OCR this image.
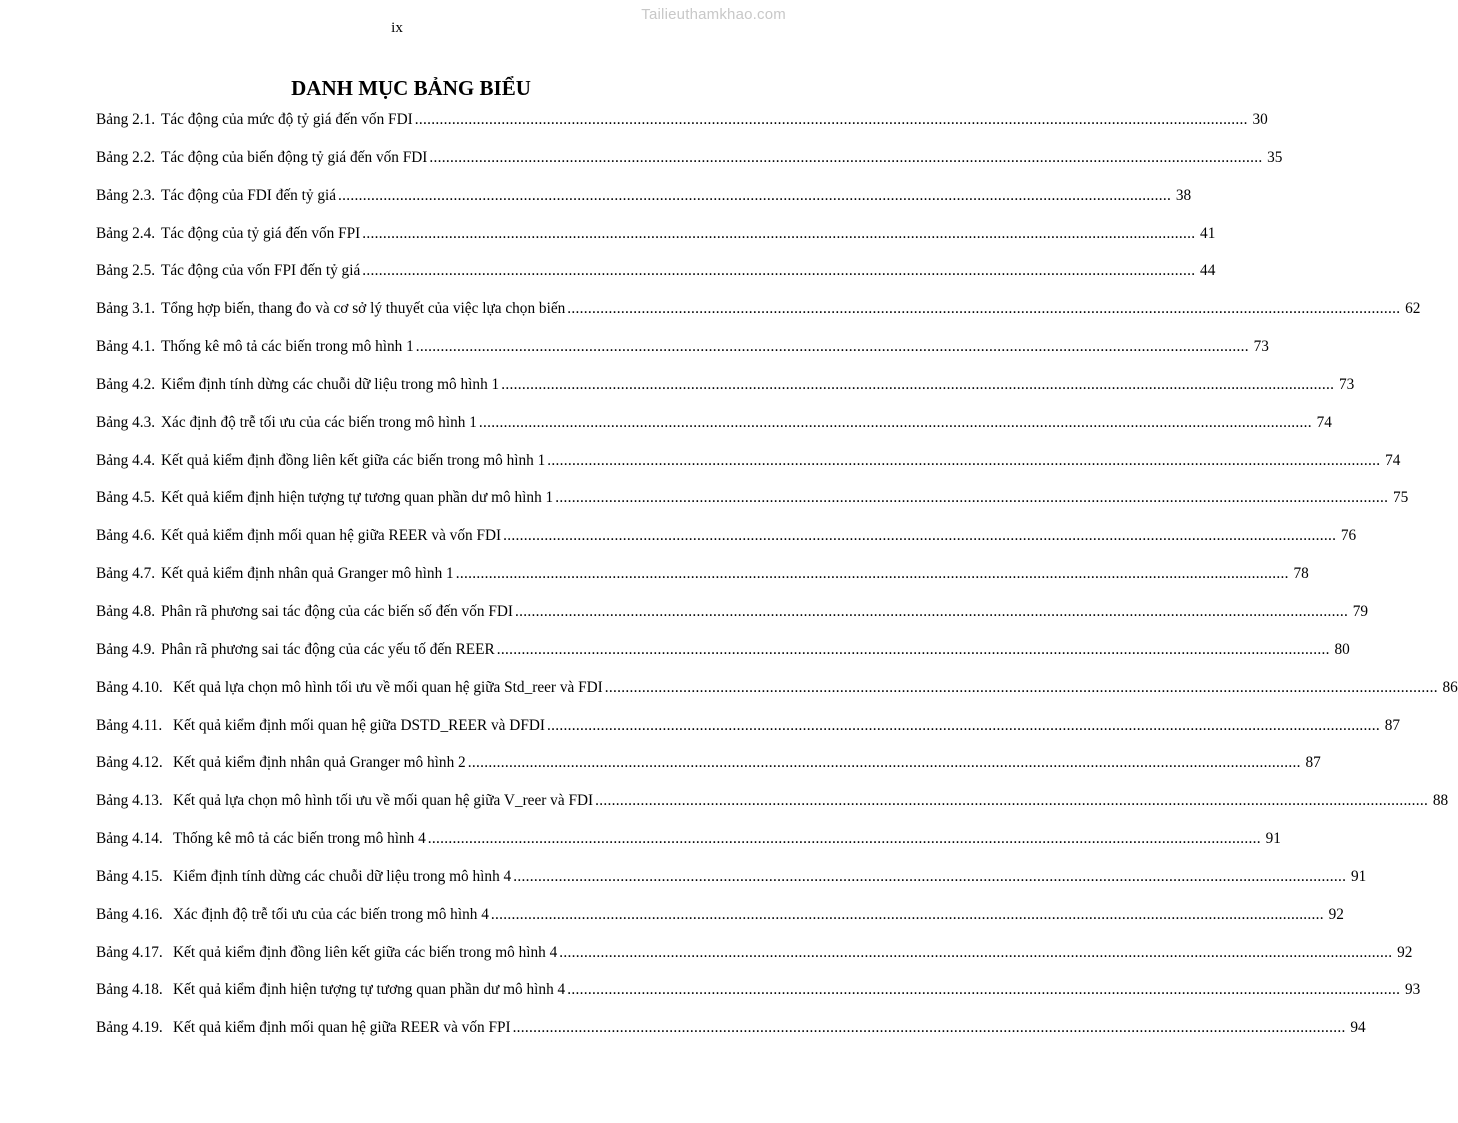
Tailieuthamkhao.com
ix
DANH MỤC BẢNG BIỂU
Bảng 2.1. Tác động của mức độ tỷ giá đến vốn FDI .....	30
Bảng 2.2. Tác động của biến động tỷ giá đến vốn FDI .....	35
Bảng 2.3. Tác động của FDI đến tỷ giá .....	38
Bảng 2.4. Tác động của tỷ giá đến vốn FPI .....	41
Bảng 2.5. Tác động của vốn FPI đến tỷ giá .....	44
Bảng 3.1. Tổng hợp biến, thang đo và cơ sở lý thuyết của việc lựa chọn biến .....	62
Bảng 4.1. Thống kê mô tả các biến trong mô hình 1 .....	73
Bảng 4.2. Kiểm định tính dừng các chuỗi dữ liệu trong mô hình 1 .....	73
Bảng 4.3. Xác định độ trễ tối ưu của các biến trong mô hình 1 .....	74
Bảng 4.4. Kết quả kiểm định đồng liên kết giữa các biến trong mô hình 1 .....	74
Bảng 4.5. Kết quả kiểm định hiện tượng tự tương quan phần dư mô hình 1 .....	75
Bảng 4.6. Kết quả kiểm định mối quan hệ giữa REER và vốn FDI .....	76
Bảng 4.7. Kết quả kiểm định nhân quả Granger mô hình 1 .....	78
Bảng 4.8. Phân rã phương sai tác động của các biến số đến vốn FDI .....	79
Bảng 4.9. Phân rã phương sai tác động của các yếu tố đến REER .....	80
Bảng 4.10. Kết quả lựa chọn mô hình tối ưu về mối quan hệ giữa Std_reer và FDI .....	86
Bảng 4.11. Kết quả kiểm định mối quan hệ giữa DSTD_REER và DFDI .....	87
Bảng 4.12. Kết quả kiểm định nhân quả Granger mô hình 2 .....	87
Bảng 4.13. Kết quả lựa chọn mô hình tối ưu về mối quan hệ giữa V_reer và FDI .....	88
Bảng 4.14. Thống kê mô tả các biến trong mô hình 4 .....	91
Bảng 4.15. Kiểm định tính dừng các chuỗi dữ liệu trong mô hình 4 .....	91
Bảng 4.16. Xác định độ trễ tối ưu của các biến trong mô hình 4 .....	92
Bảng 4.17. Kết quả kiểm định đồng liên kết giữa các biến trong mô hình 4 .....	92
Bảng 4.18. Kết quả kiểm định hiện tượng tự tương quan phần dư mô hình 4 .....	93
Bảng 4.19. Kết quả kiểm định mối quan hệ giữa REER và vốn FPI .....	94
